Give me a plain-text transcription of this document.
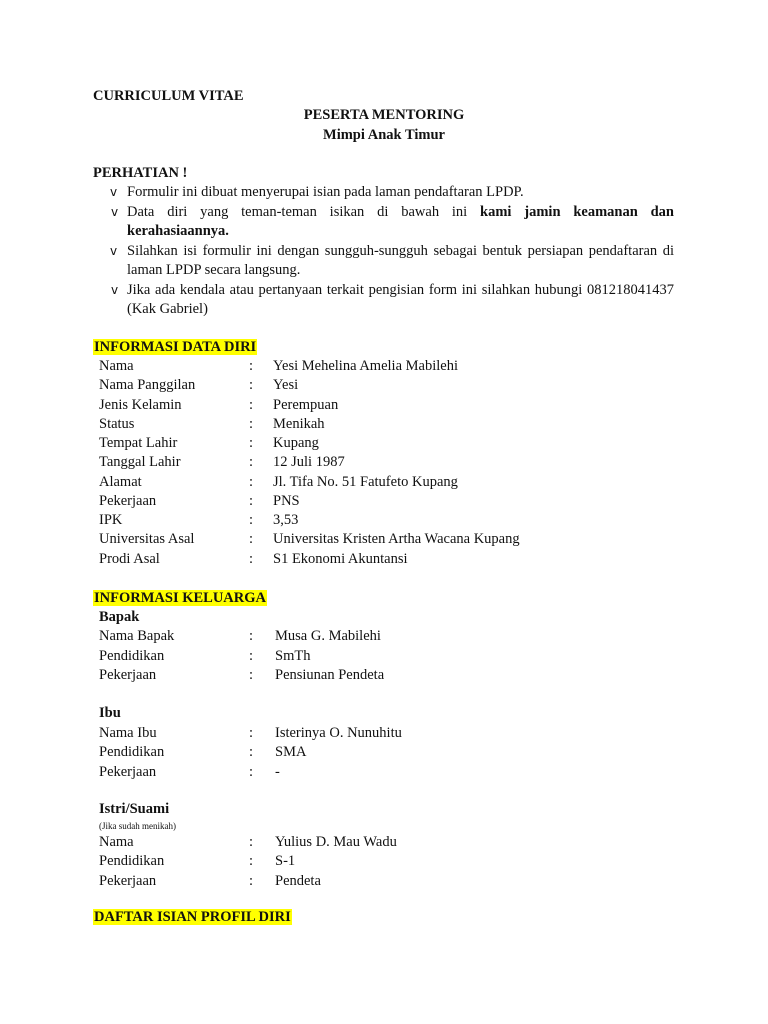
CURRICULUM VITAE
PESERTA MENTORING
Mimpi Anak Timur
PERHATIAN !
v Formulir ini dibuat menyerupai isian pada laman pendaftaran LPDP.
v Data diri yang teman-teman isikan di bawah ini kami jamin keamanan dan kerahasiaannya.
v Silahkan isi formulir ini dengan sungguh-sungguh sebagai bentuk persiapan pendaftaran di laman LPDP secara langsung.
v Jika ada kendala atau pertanyaan terkait pengisian form ini silahkan hubungi 081218041437 (Kak Gabriel)
INFORMASI DATA DIRI
Nama	: Yesi Mehelina Amelia Mabilehi
Nama Panggilan	: Yesi
Jenis Kelamin	: Perempuan
Status	: Menikah
Tempat Lahir	: Kupang
Tanggal Lahir	: 12 Juli 1987
Alamat	: Jl. Tifa No. 51 Fatufeto Kupang
Pekerjaan	: PNS
IPK	: 3,53
Universitas Asal	: Universitas Kristen Artha Wacana Kupang
Prodi Asal	: S1 Ekonomi Akuntansi
INFORMASI KELUARGA
Bapak
Nama Bapak	: Musa G. Mabilehi
Pendidikan	: SmTh
Pekerjaan	: Pensiunan Pendeta
Ibu
Nama Ibu	: Isterinya O. Nunuhitu
Pendidikan	: SMA
Pekerjaan	: -
Istri/Suami
(Jika sudah menikah)
Nama	: Yulius D. Mau Wadu
Pendidikan	: S-1
Pekerjaan	: Pendeta
DAFTAR ISIAN PROFIL DIRI
